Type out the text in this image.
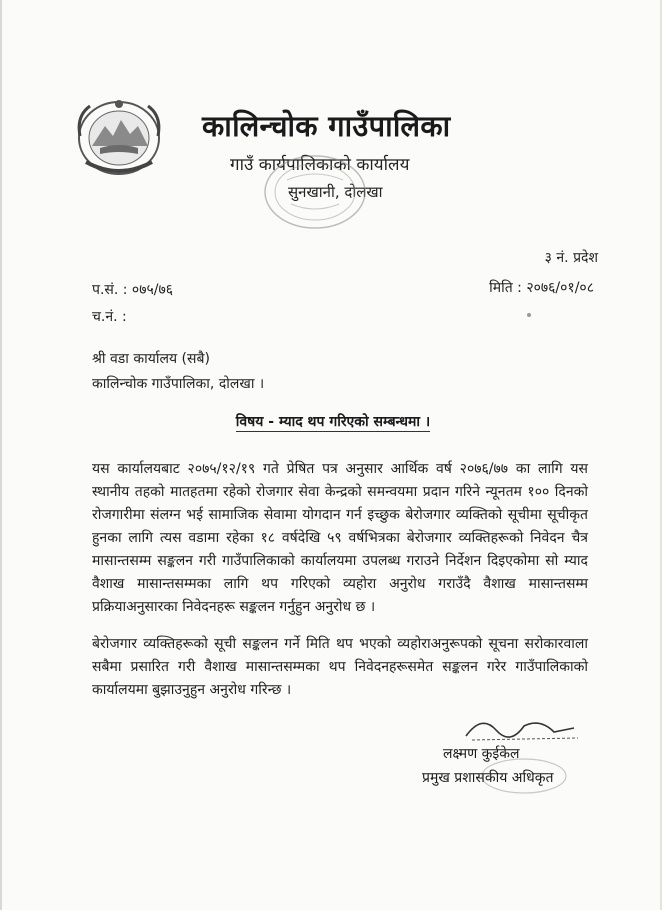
कालिन्चोक गाउँपालिका
गाउँ कार्यपालिकाको कार्यालय
सुनखानी, दोलखा
३ नं. प्रदेश
प.सं. : ०७५/७६	मिति : २०७६/०१/०८
च.नं. :
श्री वडा कार्यालय (सबै)
कालिन्चोक गाउँपालिका, दोलखा ।
विषय - म्याद थप गरिएको सम्बन्धमा ।
यस कार्यालयबाट २०७५/१२/१९ गते प्रेषित पत्र अनुसार आर्थिक वर्ष २०७६/७७ का लागि यस स्थानीय तहको मातहतमा रहेको रोजगार सेवा केन्द्रको समन्वयमा प्रदान गरिने न्यूनतम १०० दिनको रोजगारीमा संलग्न भई सामाजिक सेवामा योगदान गर्न इच्छुक बेरोजगार व्यक्तिको सूचीमा सूचीकृत हुनका लागि त्यस वडामा रहेका १८ वर्षदेखि ५९ वर्षभित्रका बेरोजगार व्यक्तिहरूको निवेदन चैत्र मासान्तसम्म सङ्कलन गरी गाउँपालिकाको कार्यालयमा उपलब्ध गराउने निर्देशन दिइएकोमा सो म्याद वैशाख मासान्तसम्मका लागि थप गरिएको व्यहोरा अनुरोध गराउँदै वैशाख मासान्तसम्म प्रक्रियाअनुसारका निवेदनहरू सङ्कलन गर्नुहुन अनुरोध छ ।
बेरोजगार व्यक्तिहरूको सूची सङ्कलन गर्ने मिति थप भएको व्यहोराअनुरूपको सूचना सरोकारवाला सबैमा प्रसारित गरी वैशाख मासान्तसम्मका थप निवेदनहरूसमेत सङ्कलन गरेर गाउँपालिकाको कार्यालयमा बुझाउनुहुन अनुरोध गरिन्छ ।
लक्ष्मण कुईकेल
प्रमुख प्रशासकीय अधिकृत
